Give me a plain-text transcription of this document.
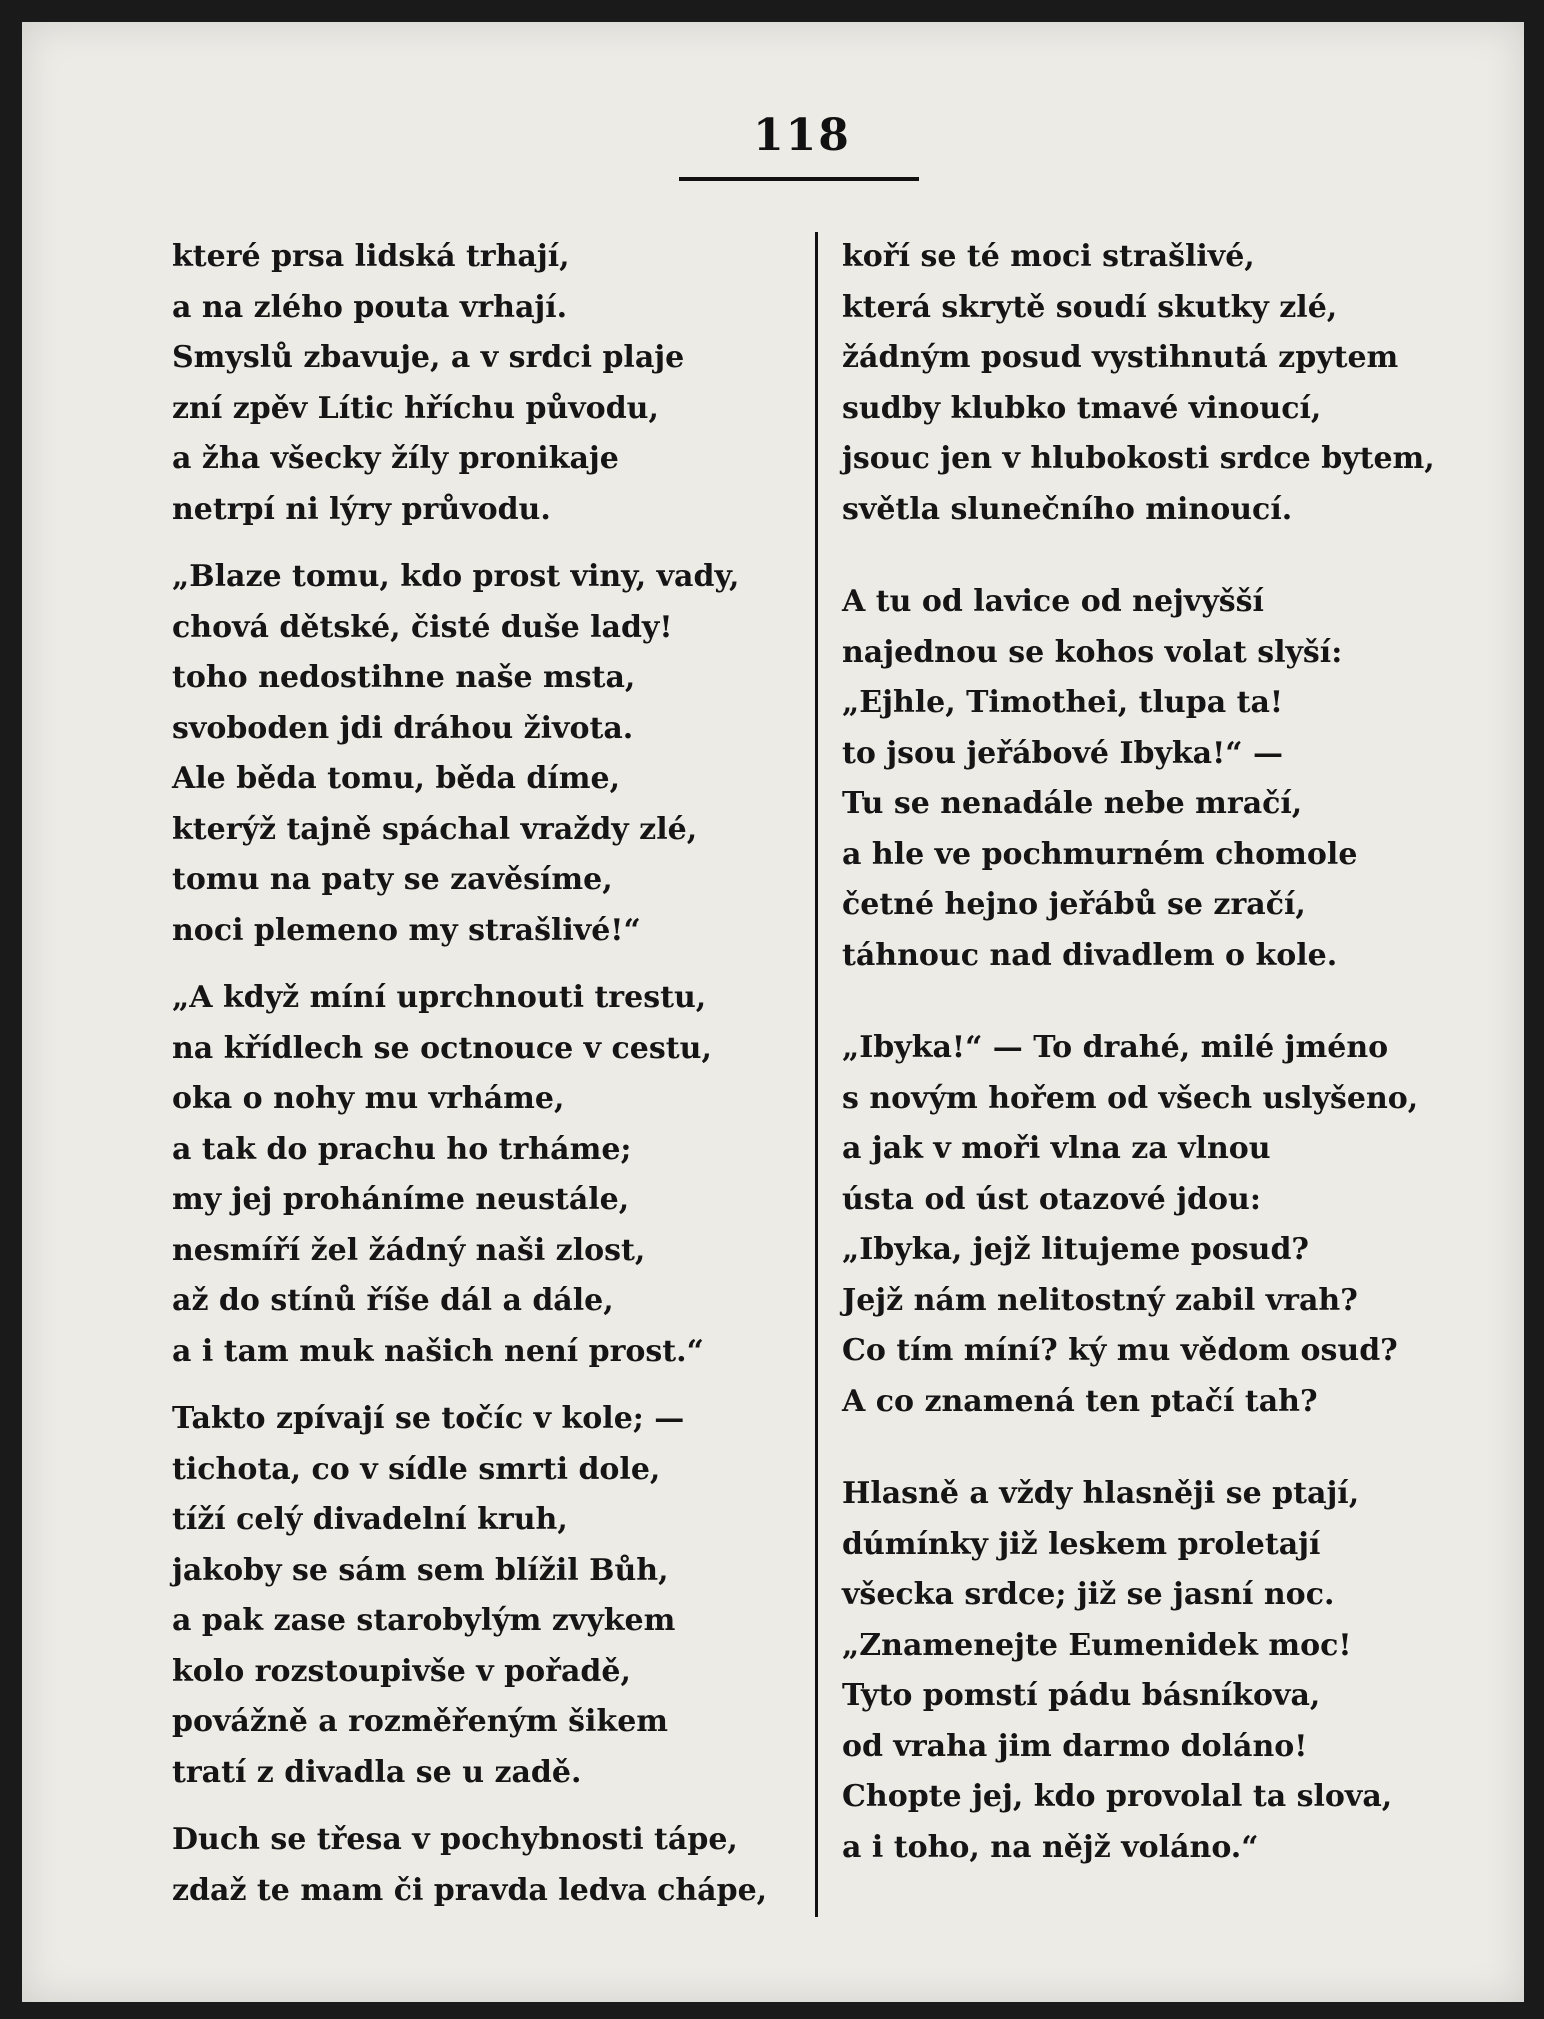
118
které prsa lidská trhají,
a na zlého pouta vrhají.
Smyslů zbavuje, a v srdci plaje
zní zpěv Lític hříchu původu,
a žha všecky žíly pronikaje
netrpí ni lýry průvodu.
„Blaze tomu, kdo prost viny, vady,
chová dětské, čisté duše lady!
toho nedostihne naše msta,
svoboden jdi dráhou života.
Ale běda tomu, běda díme,
kterýž tajně spáchal vraždy zlé,
tomu na paty se zavěsíme,
noci plemeno my strašlivé!“
„A když míní uprchnouti trestu,
na křídlech se octnouce v cestu,
oka o nohy mu vrháme,
a tak do prachu ho trháme;
my jej proháníme neustále,
nesmíří žel žádný naši zlost,
až do stínů říše dál a dále,
a i tam muk našich není prost.“
Takto zpívají se točíc v kole; —
tichota, co v sídle smrti dole,
tíží celý divadelní kruh,
jakoby se sám sem blížil Bůh,
a pak zase starobylým zvykem
kolo rozstoupivše v pořadě,
povážně a rozměřeným šikem
tratí z divadla se u zadě.
Duch se třesa v pochybnosti tápe,
zdaž te mam či pravda ledva chápe,
koří se té moci strašlivé,
která skrytě soudí skutky zlé,
žádným posud vystihnutá zpytem
sudby klubko tmavé vinoucí,
jsouc jen v hlubokosti srdce bytem,
světla slunečního minoucí.
A tu od lavice od nejvyšší
najednou se kohos volat slyší:
„Ejhle, Timothei, tlupa ta!
to jsou jeřábové Ibyka!“ —
Tu se nenadále nebe mračí,
a hle ve pochmurném chomole
četné hejno jeřábů se zračí,
táhnouc nad divadlem o kole.
„Ibyka!“ — To drahé, milé jméno
s novým hořem od všech uslyšeno,
a jak v moři vlna za vlnou
ústa od úst otazové jdou:
„Ibyka, jejž litujeme posud?
Jejž nám nelitostný zabil vrah?
Co tím míní? ký mu vědom osud?
A co znamená ten ptačí tah?
Hlasně a vždy hlasněji se ptají,
dúmínky již leskem proletají
všecka srdce; již se jasní noc.
„Znamenejte Eumenidek moc!
Tyto pomstí pádu básníkova,
od vraha jim darmo doláno!
Chopte jej, kdo provolal ta slova,
a i toho, na nějž voláno.“
